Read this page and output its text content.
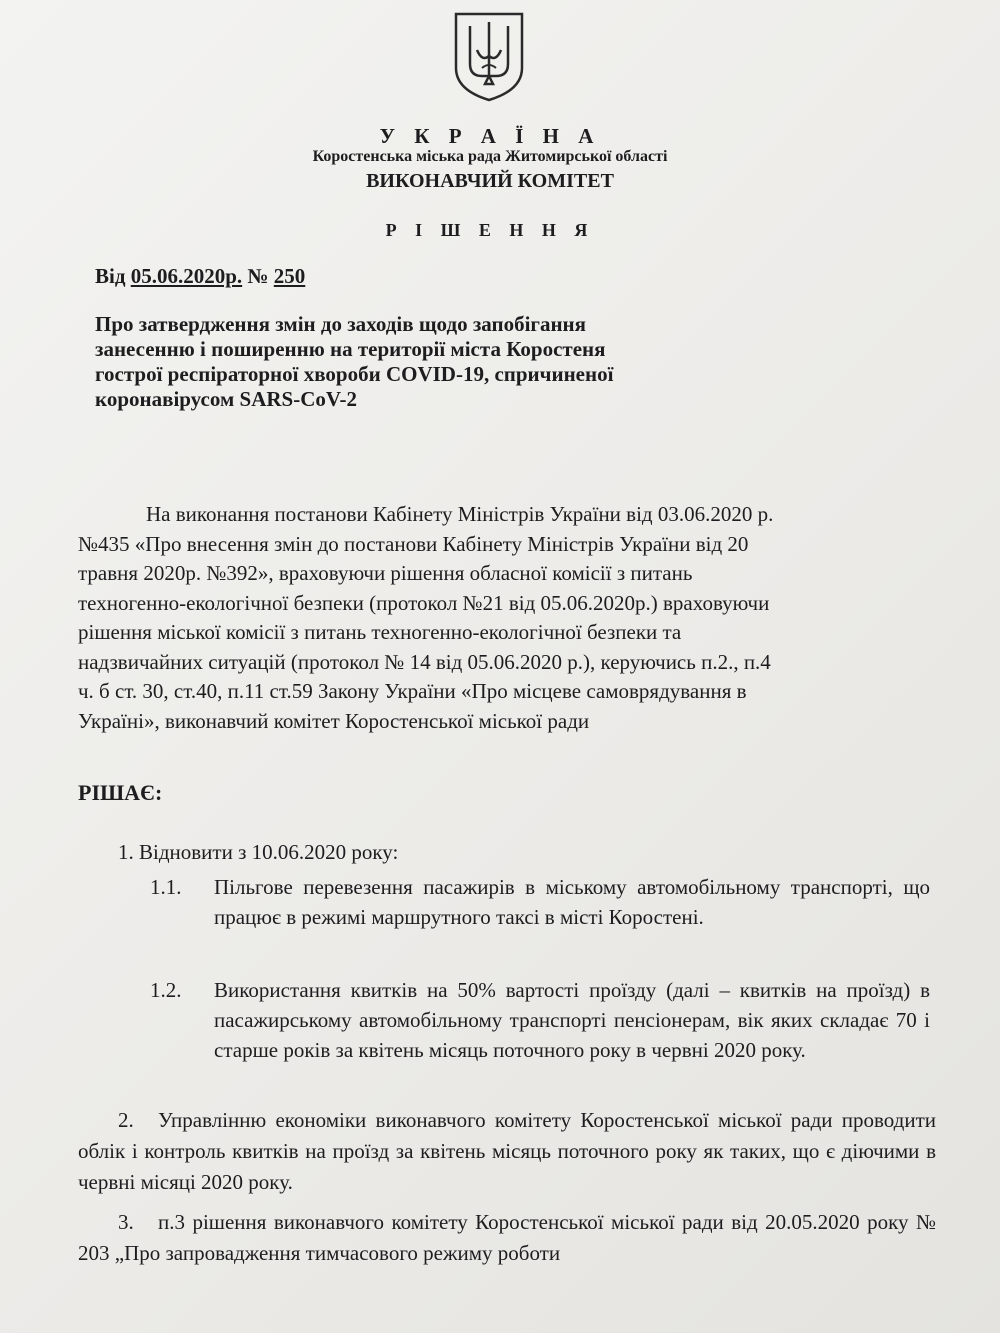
У К Р А Ї Н А
Коростенська міська рада Житомирської області
ВИКОНАВЧИЙ КОМІТЕТ
Р І Ш Е Н Н Я
Від 05.06.2020р. № 250
Про затвердження змін до заходів щодо запобігання
занесенню і поширенню на території міста Коростеня
гострої респіраторної хвороби COVID-19, спричиненої
коронавірусом SARS-CoV-2
На виконання постанови Кабінету Міністрів України від 03.06.2020 р.
№435 «Про внесення змін до постанови Кабінету Міністрів України від 20
травня 2020р. №392», враховуючи рішення обласної комісії з питань
техногенно-екологічної безпеки (протокол №21 від 05.06.2020р.) враховуючи
рішення міської комісії з питань техногенно-екологічної безпеки та
надзвичайних ситуацій (протокол № 14 від 05.06.2020 р.), керуючись п.2., п.4
ч. б ст. 30, ст.40, п.11 ст.59 Закону України «Про місцеве самоврядування в
Україні», виконавчий комітет Коростенської міської ради
РІШАЄ:
1. Відновити з 10.06.2020 року:
1.1.	Пільгове перевезення пасажирів в міському автомобільному транспорті, що працює в режимі маршрутного таксі в місті Коростені.
1.2.	Використання квитків на 50% вартості проїзду (далі – квитків на проїзд) в пасажирському автомобільному транспорті пенсіонерам, вік яких складає 70 і старше років за квітень місяць поточного року в червні 2020 року.
2. Управлінню економіки виконавчого комітету Коростенської міської ради проводити облік і контроль квитків на проїзд за квітень місяць поточного року як таких, що є діючими в червні місяці 2020 року.
3. п.3 рішення виконавчого комітету Коростенської міської ради від 20.05.2020 року № 203 „Про запровадження тимчасового режиму роботи
